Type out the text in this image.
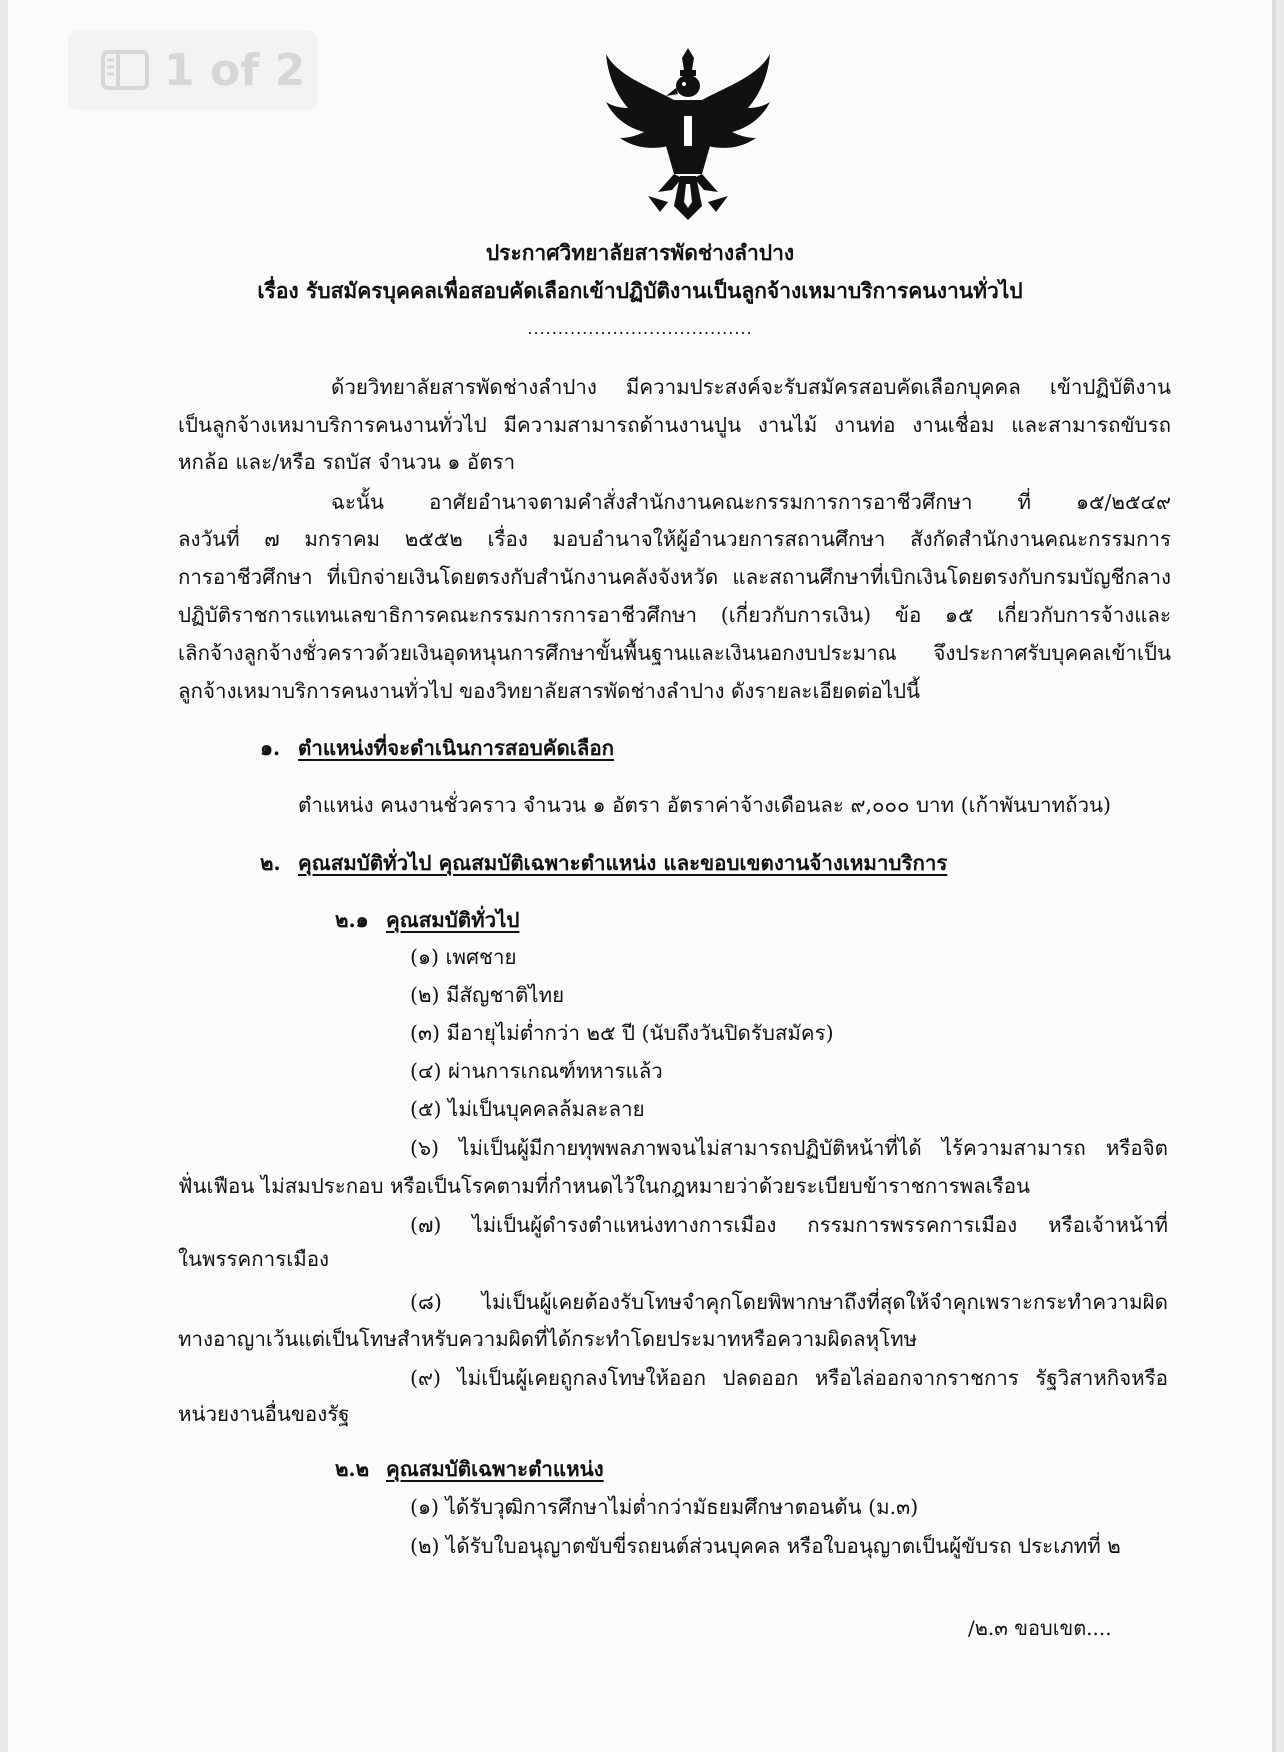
1 of 2
ประกาศวิทยาลัยสารพัดช่างลำปาง
เรื่อง รับสมัครบุคคลเพื่อสอบคัดเลือกเข้าปฏิบัติงานเป็นลูกจ้างเหมาบริการคนงานทั่วไป
.....................................
ด้วยวิทยาลัยสารพัดช่างลำปาง มีความประสงค์จะรับสมัครสอบคัดเลือกบุคคล เข้าปฏิบัติงาน
เป็นลูกจ้างเหมาบริการคนงานทั่วไป มีความสามารถด้านงานปูน งานไม้ งานท่อ งานเชื่อม และสามารถขับรถ
หกล้อ และ/หรือ รถบัส จำนวน ๑ อัตรา
ฉะนั้น อาศัยอำนาจตามคำสั่งสำนักงานคณะกรรมการการอาชีวศึกษา ที่ ๑๕/๒๕๔๙
ลงวันที่ ๗ มกราคม ๒๕๕๒ เรื่อง มอบอำนาจให้ผู้อำนวยการสถานศึกษา สังกัดสำนักงานคณะกรรมการ
การอาชีวศึกษา ที่เบิกจ่ายเงินโดยตรงกับสำนักงานคลังจังหวัด และสถานศึกษาที่เบิกเงินโดยตรงกับกรมบัญชีกลาง
ปฏิบัติราชการแทนเลขาธิการคณะกรรมการการอาชีวศึกษา (เกี่ยวกับการเงิน) ข้อ ๑๕ เกี่ยวกับการจ้างและ
เลิกจ้างลูกจ้างชั่วคราวด้วยเงินอุดหนุนการศึกษาขั้นพื้นฐานและเงินนอกงบประมาณ จึงประกาศรับบุคคลเข้าเป็น
ลูกจ้างเหมาบริการคนงานทั่วไป ของวิทยาลัยสารพัดช่างลำปาง ดังรายละเอียดต่อไปนี้
๑. ตำแหน่งที่จะดำเนินการสอบคัดเลือก
ตำแหน่ง คนงานชั่วคราว จำนวน ๑ อัตรา อัตราค่าจ้างเดือนละ ๙,๐๐๐ บาท (เก้าพันบาทถ้วน)
๒. คุณสมบัติทั่วไป คุณสมบัติเฉพาะตำแหน่ง และขอบเขตงานจ้างเหมาบริการ
๒.๑ คุณสมบัติทั่วไป
(๑) เพศชาย
(๒) มีสัญชาติไทย
(๓) มีอายุไม่ต่ำกว่า ๒๕ ปี (นับถึงวันปิดรับสมัคร)
(๔) ผ่านการเกณฑ์ทหารแล้ว
(๕) ไม่เป็นบุคคลล้มละลาย
(๖) ไม่เป็นผู้มีกายทุพพลภาพจนไม่สามารถปฏิบัติหน้าที่ได้ ไร้ความสามารถ หรือจิต
ฟั่นเฟือน ไม่สมประกอบ หรือเป็นโรคตามที่กำหนดไว้ในกฎหมายว่าด้วยระเบียบข้าราชการพลเรือน
(๗) ไม่เป็นผู้ดำรงตำแหน่งทางการเมือง กรรมการพรรคการเมือง หรือเจ้าหน้าที่
ในพรรคการเมือง
(๘) ไม่เป็นผู้เคยต้องรับโทษจำคุกโดยพิพากษาถึงที่สุดให้จำคุกเพราะกระทำความผิด
ทางอาญาเว้นแต่เป็นโทษสำหรับความผิดที่ได้กระทำโดยประมาทหรือความผิดลหุโทษ
(๙) ไม่เป็นผู้เคยถูกลงโทษให้ออก ปลดออก หรือไล่ออกจากราชการ รัฐวิสาหกิจหรือ
หน่วยงานอื่นของรัฐ
๒.๒ คุณสมบัติเฉพาะตำแหน่ง
(๑) ได้รับวุฒิการศึกษาไม่ต่ำกว่ามัธยมศึกษาตอนต้น (ม.๓)
(๒) ได้รับใบอนุญาตขับขี่รถยนต์ส่วนบุคคล หรือใบอนุญาตเป็นผู้ขับรถ ประเภทที่ ๒
/๒.๓ ขอบเขต....
